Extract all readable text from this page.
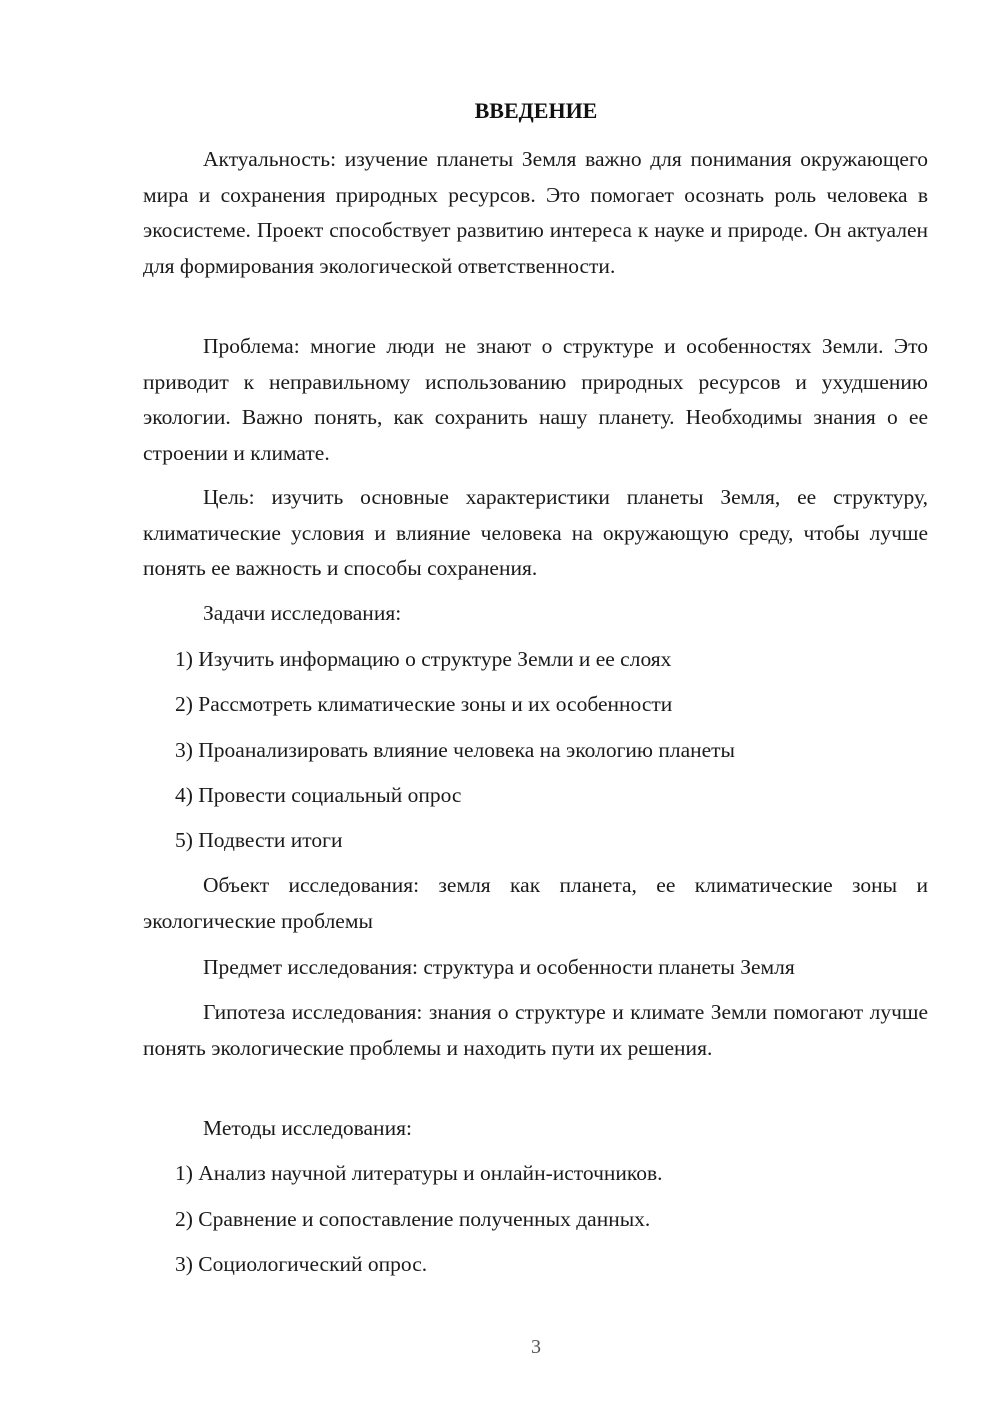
ВВЕДЕНИЕ

Актуальность: изучение планеты Земля важно для понимания окружающего мира и сохранения природных ресурсов. Это помогает осознать роль человека в экосистеме. Проект способствует развитию интереса к науке и природе. Он актуален для формирования экологической ответственности.

Проблема: многие люди не знают о структуре и особенностях Земли. Это приводит к неправильному использованию природных ресурсов и ухудшению экологии. Важно понять, как сохранить нашу планету. Необходимы знания о ее строении и климате.

Цель: изучить основные характеристики планеты Земля, ее структуру, климатические условия и влияние человека на окружающую среду, чтобы лучше понять ее важность и способы сохранения.

Задачи исследования:

1) Изучить информацию о структуре Земли и ее слоях

2) Рассмотреть климатические зоны и их особенности

3) Проанализировать влияние человека на экологию планеты

4) Провести социальный опрос

5) Подвести итоги

Объект исследования: земля как планета, ее климатические зоны и экологические проблемы

Предмет исследования: структура и особенности планеты Земля

Гипотеза исследования: знания о структуре и климате Земли помогают лучше понять экологические проблемы и находить пути их решения.

Методы исследования:

1) Анализ научной литературы и онлайн-источников.

2) Сравнение и сопоставление полученных данных.

3) Социологический опрос.

3
